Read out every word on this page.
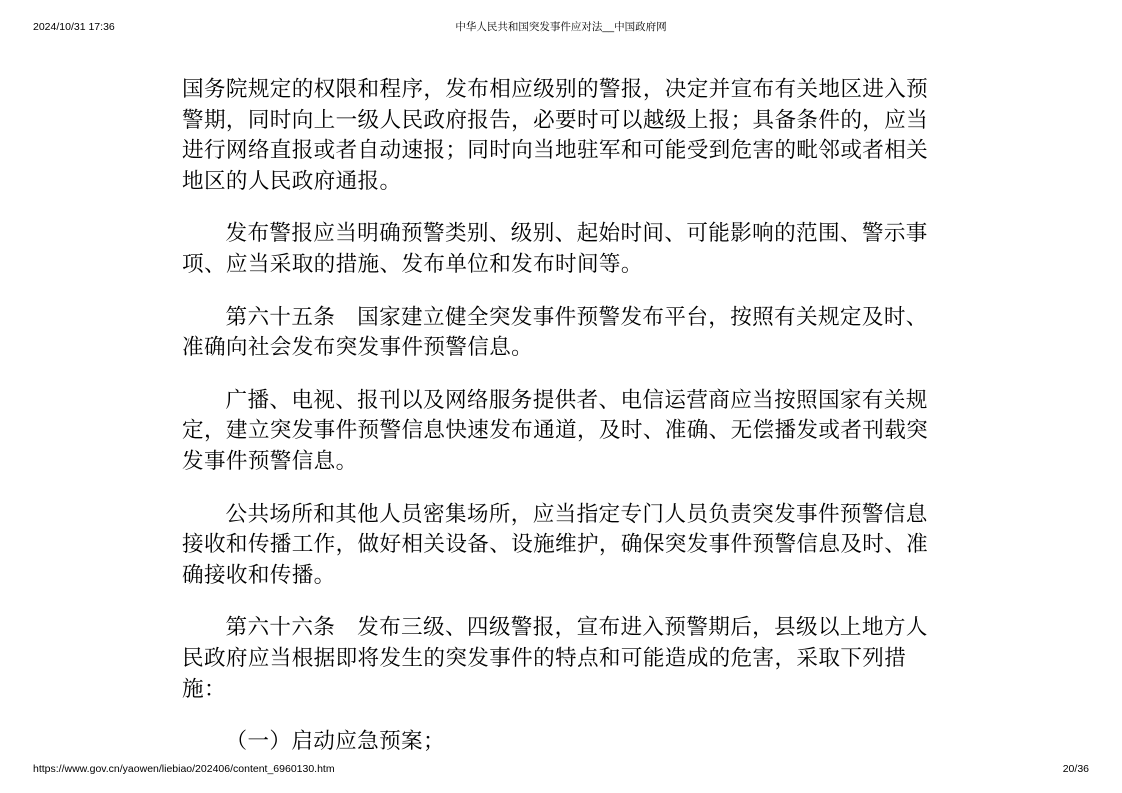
2024/10/31 17:36	中华人民共和国突发事件应对法__中国政府网

国务院规定的权限和程序，发布相应级别的警报，决定并宣布有关地区进入预警期，同时向上一级人民政府报告，必要时可以越级上报；具备条件的，应当进行网络直报或者自动速报；同时向当地驻军和可能受到危害的毗邻或者相关地区的人民政府通报。

发布警报应当明确预警类别、级别、起始时间、可能影响的范围、警示事项、应当采取的措施、发布单位和发布时间等。

第六十五条　国家建立健全突发事件预警发布平台，按照有关规定及时、准确向社会发布突发事件预警信息。

广播、电视、报刊以及网络服务提供者、电信运营商应当按照国家有关规定，建立突发事件预警信息快速发布通道，及时、准确、无偿播发或者刊载突发事件预警信息。

公共场所和其他人员密集场所，应当指定专门人员负责突发事件预警信息接收和传播工作，做好相关设备、设施维护，确保突发事件预警信息及时、准确接收和传播。

第六十六条　发布三级、四级警报，宣布进入预警期后，县级以上地方人民政府应当根据即将发生的突发事件的特点和可能造成的危害，采取下列措施：

（一）启动应急预案；

https://www.gov.cn/yaowen/liebiao/202406/content_6960130.htm	20/36
